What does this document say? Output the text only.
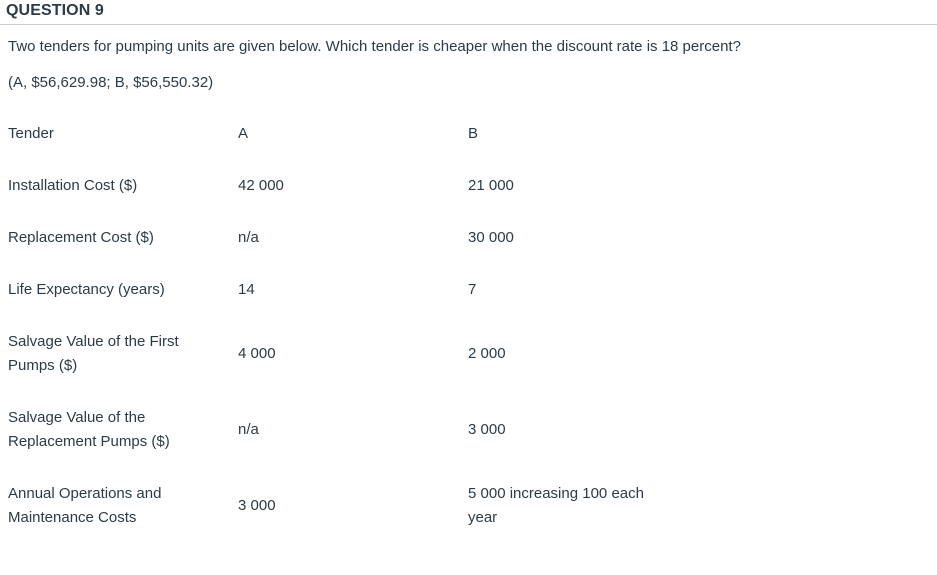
QUESTION 9
Two tenders for pumping units are given below. Which tender is cheaper when the discount rate is 18 percent?
(A, $56,629.98; B, $56,550.32)
Tender	A	B
Installation Cost ($)	42 000	21 000
Replacement Cost ($)	n/a	30 000
Life Expectancy (years)	14	7

Salvage Value of the First
Pumps ($)	4 000	2 000

Salvage Value of the
Replacement Pumps ($)	n/a	3 000

Annual Operations and
Maintenance Costs	3 000	5 000 increasing 100 each
year
